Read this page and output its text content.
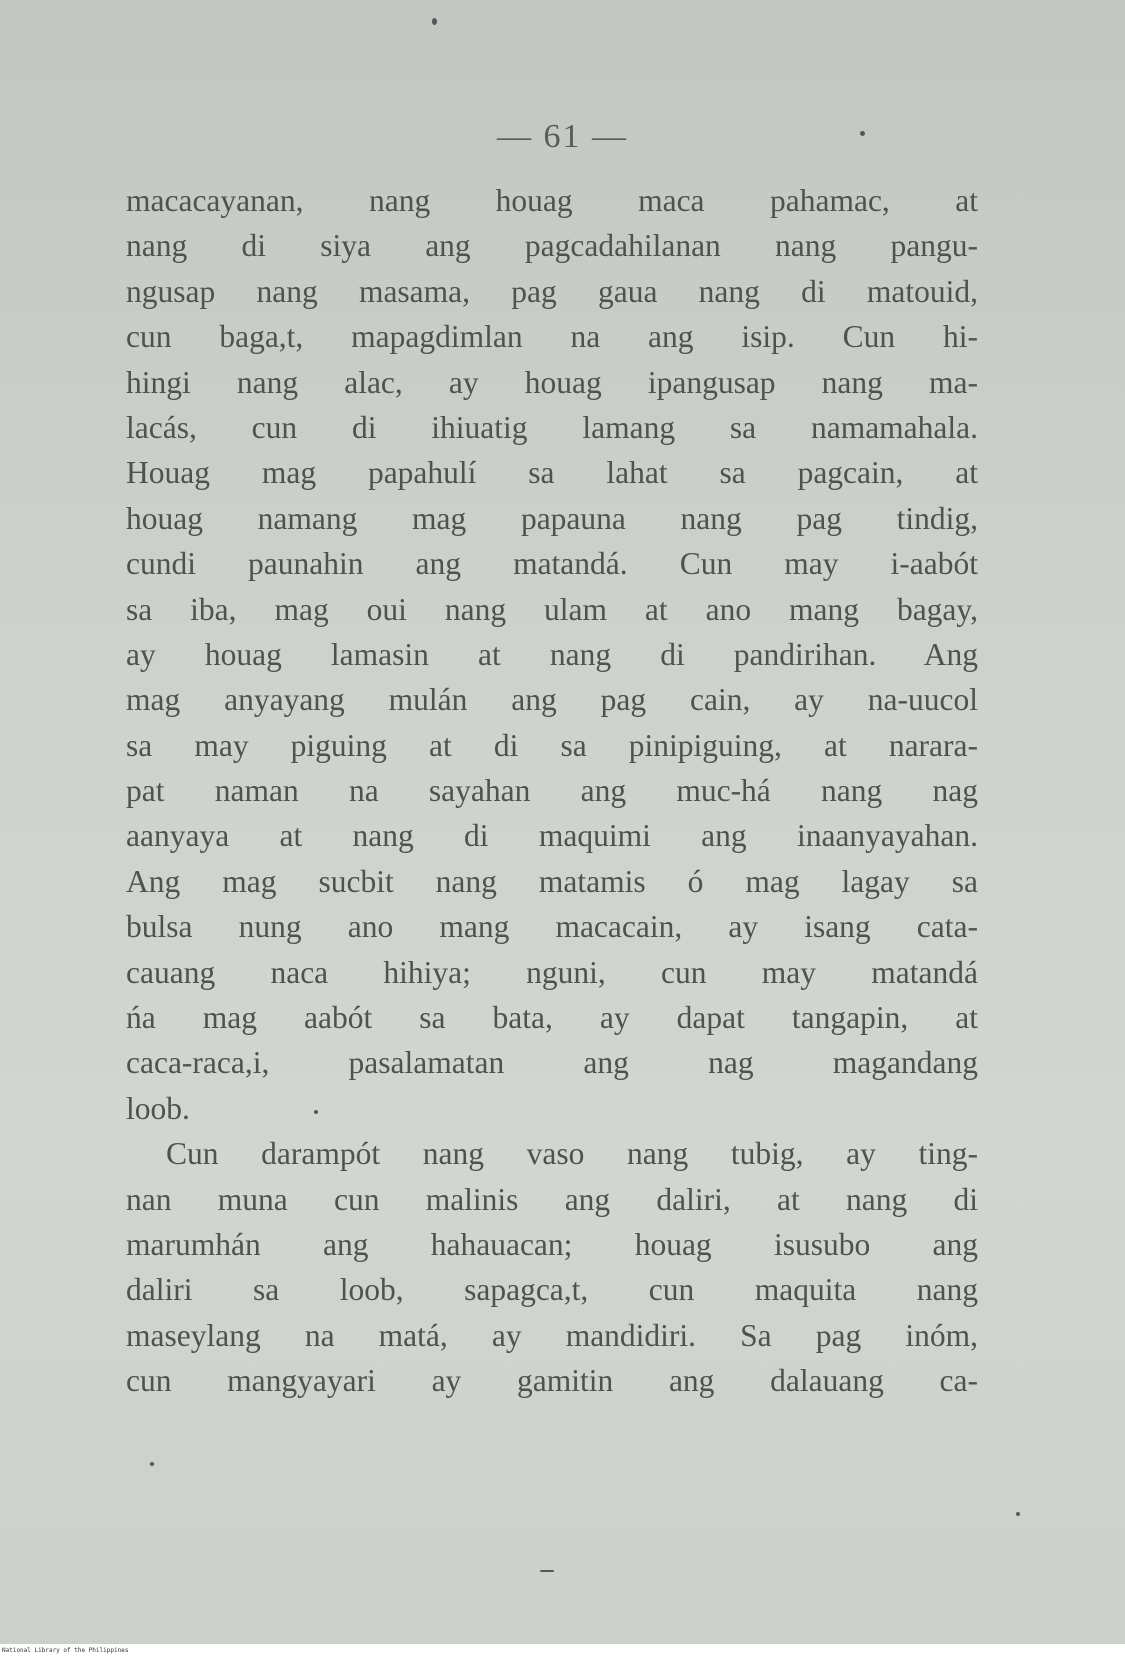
— 61 —
macacayanan, nang houag maca pahamac, at
nang di siya ang pagcadahilanan nang pangu-
ngusap nang masama, pag gaua nang di matouid,
cun baga,t, mapagdimlan na ang isip. Cun hi-
hingi nang alac, ay houag ipangusap nang ma-
lacás, cun di ihiuatig lamang sa namamahala.
Houag mag papahulí sa lahat sa pagcain, at
houag namang mag papauna nang pag tindig,
cundi paunahin ang matandá. Cun may i-aabót
sa iba, mag oui nang ulam at ano mang bagay,
ay houag lamasin at nang di pandirihan. Ang
mag anyayang mulán ang pag cain, ay na-uucol
sa may piguing at di sa pinipiguing, at narara-
pat naman na sayahan ang muc-há nang nag
aanyaya at nang di maquimi ang inaanyayahan.
Ang mag sucbit nang matamis ó mag lagay sa
bulsa nung ano mang macacain, ay isang cata-
cauang naca hihiya; nguni, cun may matandá
ńa mag aabót sa bata, ay dapat tangapin, at
caca-raca,i, pasalamatan ang nag magandang
loob.
Cun darampót nang vaso nang tubig, ay ting-
nan muna cun malinis ang daliri, at nang di
marumhán ang hahauacan; houag isusubo ang
daliri sa loob, sapagca,t, cun maquita nang
maseylang na matá, ay mandidiri. Sa pag inóm,
cun mangyayari ay gamitin ang dalauang ca-
National Library of the Philippines
